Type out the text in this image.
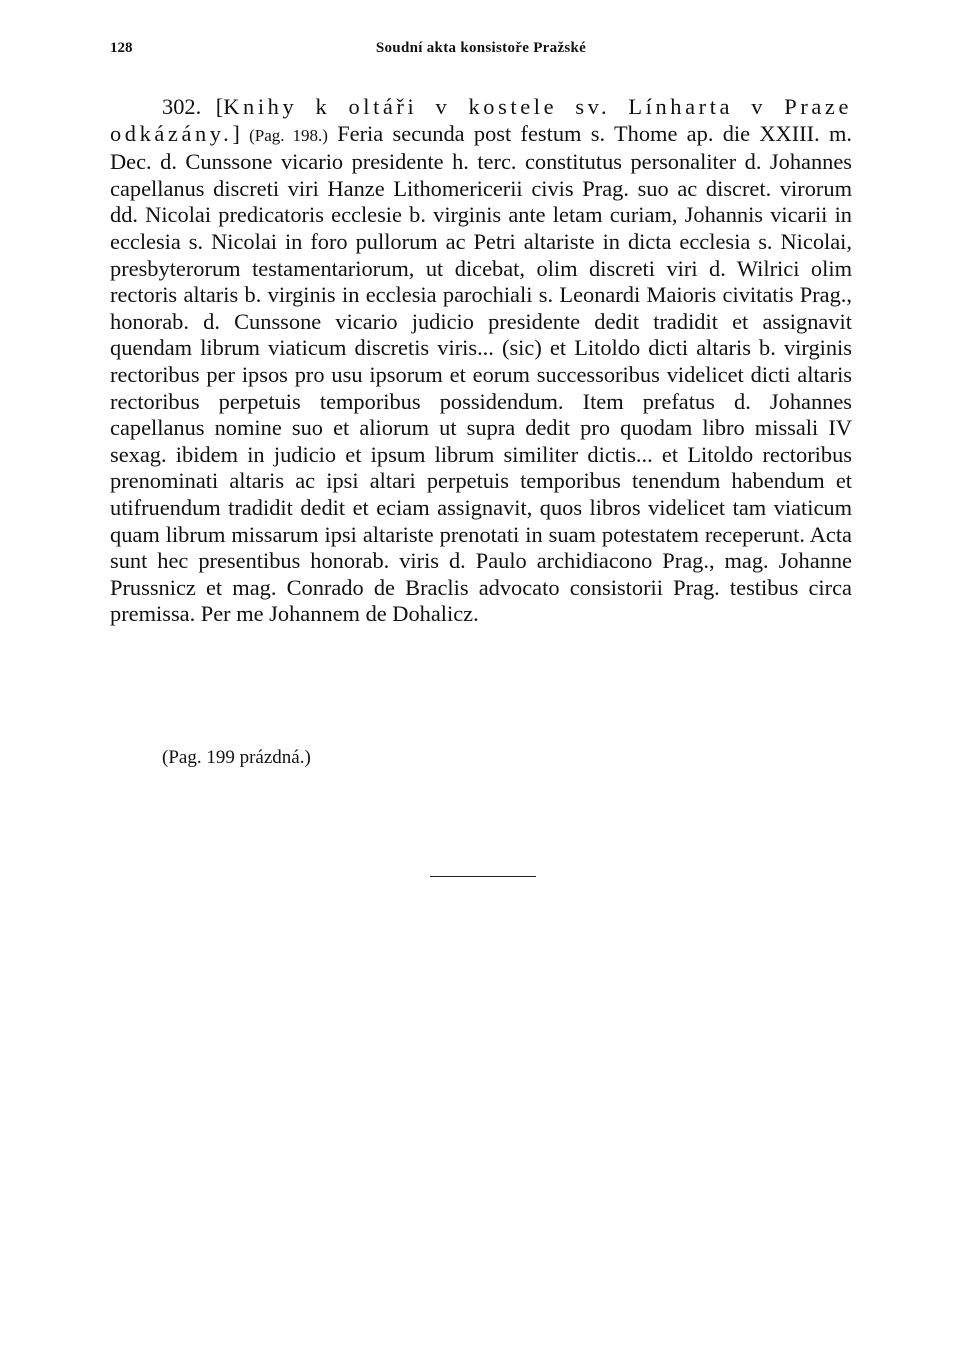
128	Soudní akta konsistoře Pražské

302. [Knihy k oltáři v kostele sv. Línharta v Praze odkázány.] (Pag. 198.) Feria secunda post festum s. Thome ap. die XXIII. m. Dec. d. Cunssone vicario presidente h. terc. constitutus personaliter d. Johannes capellanus discreti viri Hanze Lithomericerii civis Prag. suo ac discret. virorum dd. Nicolai predicatoris ecclesie b. virginis ante letam curiam, Johannis vicarii in ecclesia s. Nicolai in foro pullorum ac Petri altariste in dicta ecclesia s. Nicolai, presbyterorum testamentariorum, ut dicebat, olim discreti viri d. Wilrici olim rectoris altaris b. virginis in ecclesia parochiali s. Leonardi Maioris civitatis Prag., honorab. d. Cunssone vicario judicio presidente dedit tradidit et assignavit quendam librum viaticum discretis viris... (sic) et Litoldo dicti altaris b. virginis rectoribus per ipsos pro usu ipsorum et eorum successoribus videlicet dicti altaris rectoribus perpetuis temporibus possidendum. Item prefatus d. Johannes capellanus nomine suo et aliorum ut supra dedit pro quodam libro missali IV sexag. ibidem in judicio et ipsum librum similiter dictis... et Litoldo rectoribus prenominati altaris ac ipsi altari perpetuis temporibus tenendum habendum et utifruendum tradidit dedit et eciam assignavit, quos libros videlicet tam viaticum quam librum missarum ipsi altariste prenotati in suam potestatem receperunt. Acta sunt hec presentibus honorab. viris d. Paulo archidiacono Prag., mag. Johanne Prussnicz et mag. Conrado de Braclis advocato consistorii Prag. testibus circa premissa. Per me Johannem de Dohalicz.

(Pag. 199 prázdná.)
